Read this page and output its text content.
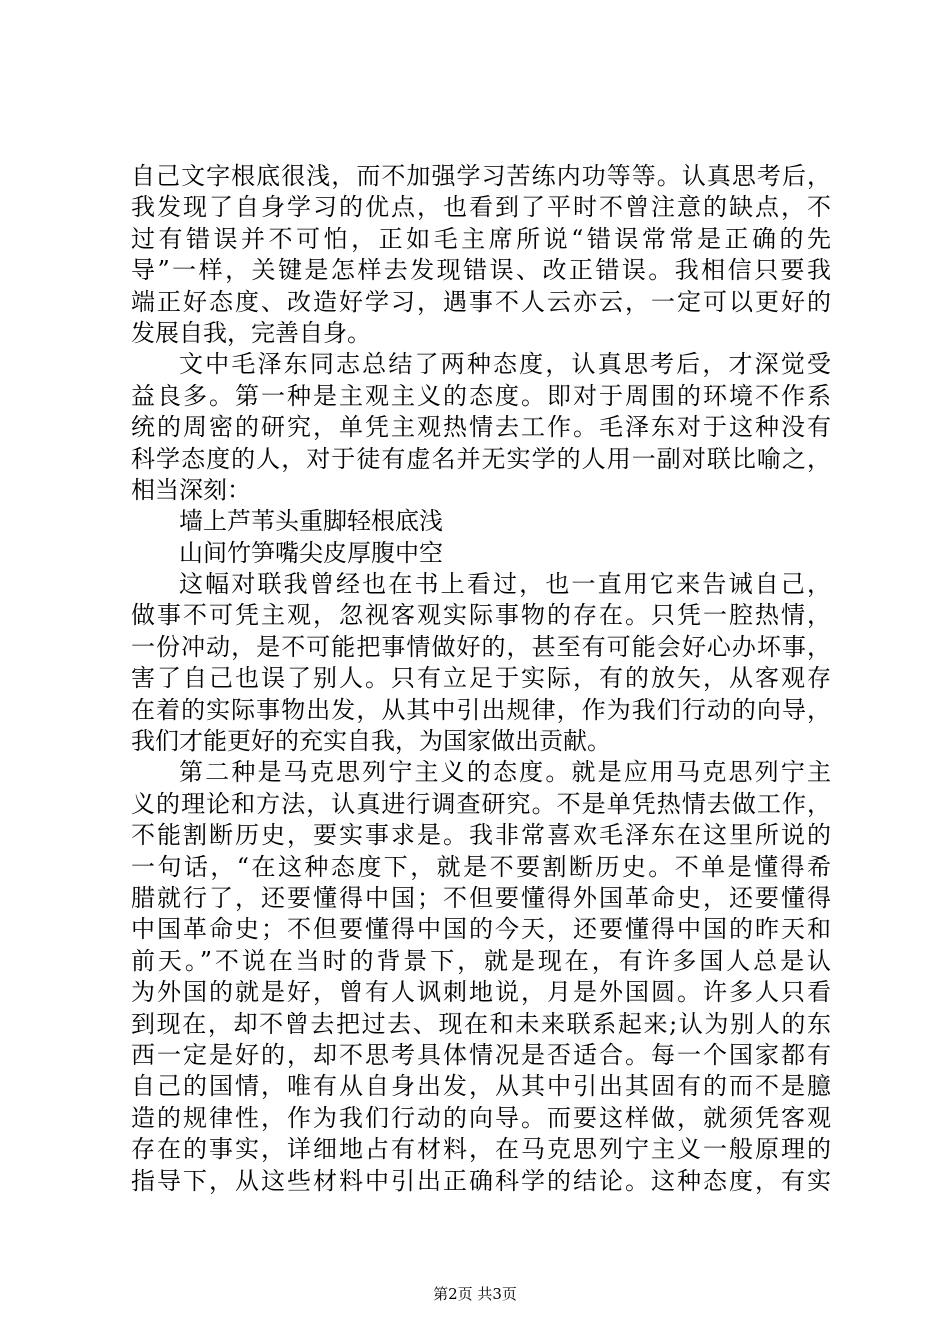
自己文字根底很浅，而不加强学习苦练内功等等。认真思考后，
我发现了自身学习的优点，也看到了平时不曾注意的缺点，不
过有错误并不可怕，正如毛主席所说“错误常常是正确的先
导”一样，关键是怎样去发现错误、改正错误。我相信只要我
端正好态度、改造好学习，遇事不人云亦云，一定可以更好的
发展自我，完善自身。
文中毛泽东同志总结了两种态度，认真思考后，才深觉受
益良多。第一种是主观主义的态度。即对于周围的环境不作系
统的周密的研究，单凭主观热情去工作。毛泽东对于这种没有
科学态度的人，对于徒有虚名并无实学的人用一副对联比喻之，
相当深刻：
墙上芦苇头重脚轻根底浅
山间竹笋嘴尖皮厚腹中空
这幅对联我曾经也在书上看过，也一直用它来告诫自己，
做事不可凭主观，忽视客观实际事物的存在。只凭一腔热情，
一份冲动，是不可能把事情做好的，甚至有可能会好心办坏事，
害了自己也误了别人。只有立足于实际，有的放矢，从客观存
在着的实际事物出发，从其中引出规律，作为我们行动的向导，
我们才能更好的充实自我，为国家做出贡献。
第二种是马克思列宁主义的态度。就是应用马克思列宁主
义的理论和方法，认真进行调查研究。不是单凭热情去做工作，
不能割断历史，要实事求是。我非常喜欢毛泽东在这里所说的
一句话，“在这种态度下，就是不要割断历史。不单是懂得希
腊就行了，还要懂得中国；不但要懂得外国革命史，还要懂得
中国革命史；不但要懂得中国的今天，还要懂得中国的昨天和
前天。”不说在当时的背景下，就是现在，有许多国人总是认
为外国的就是好，曾有人讽刺地说，月是外国圆。许多人只看
到现在，却不曾去把过去、现在和未来联系起来;认为别人的东
西一定是好的，却不思考具体情况是否适合。每一个国家都有
自己的国情，唯有从自身出发，从其中引出其固有的而不是臆
造的规律性，作为我们行动的向导。而要这样做，就须凭客观
存在的事实，详细地占有材料，在马克思列宁主义一般原理的
指导下，从这些材料中引出正确科学的结论。这种态度，有实
第2页 共3页
